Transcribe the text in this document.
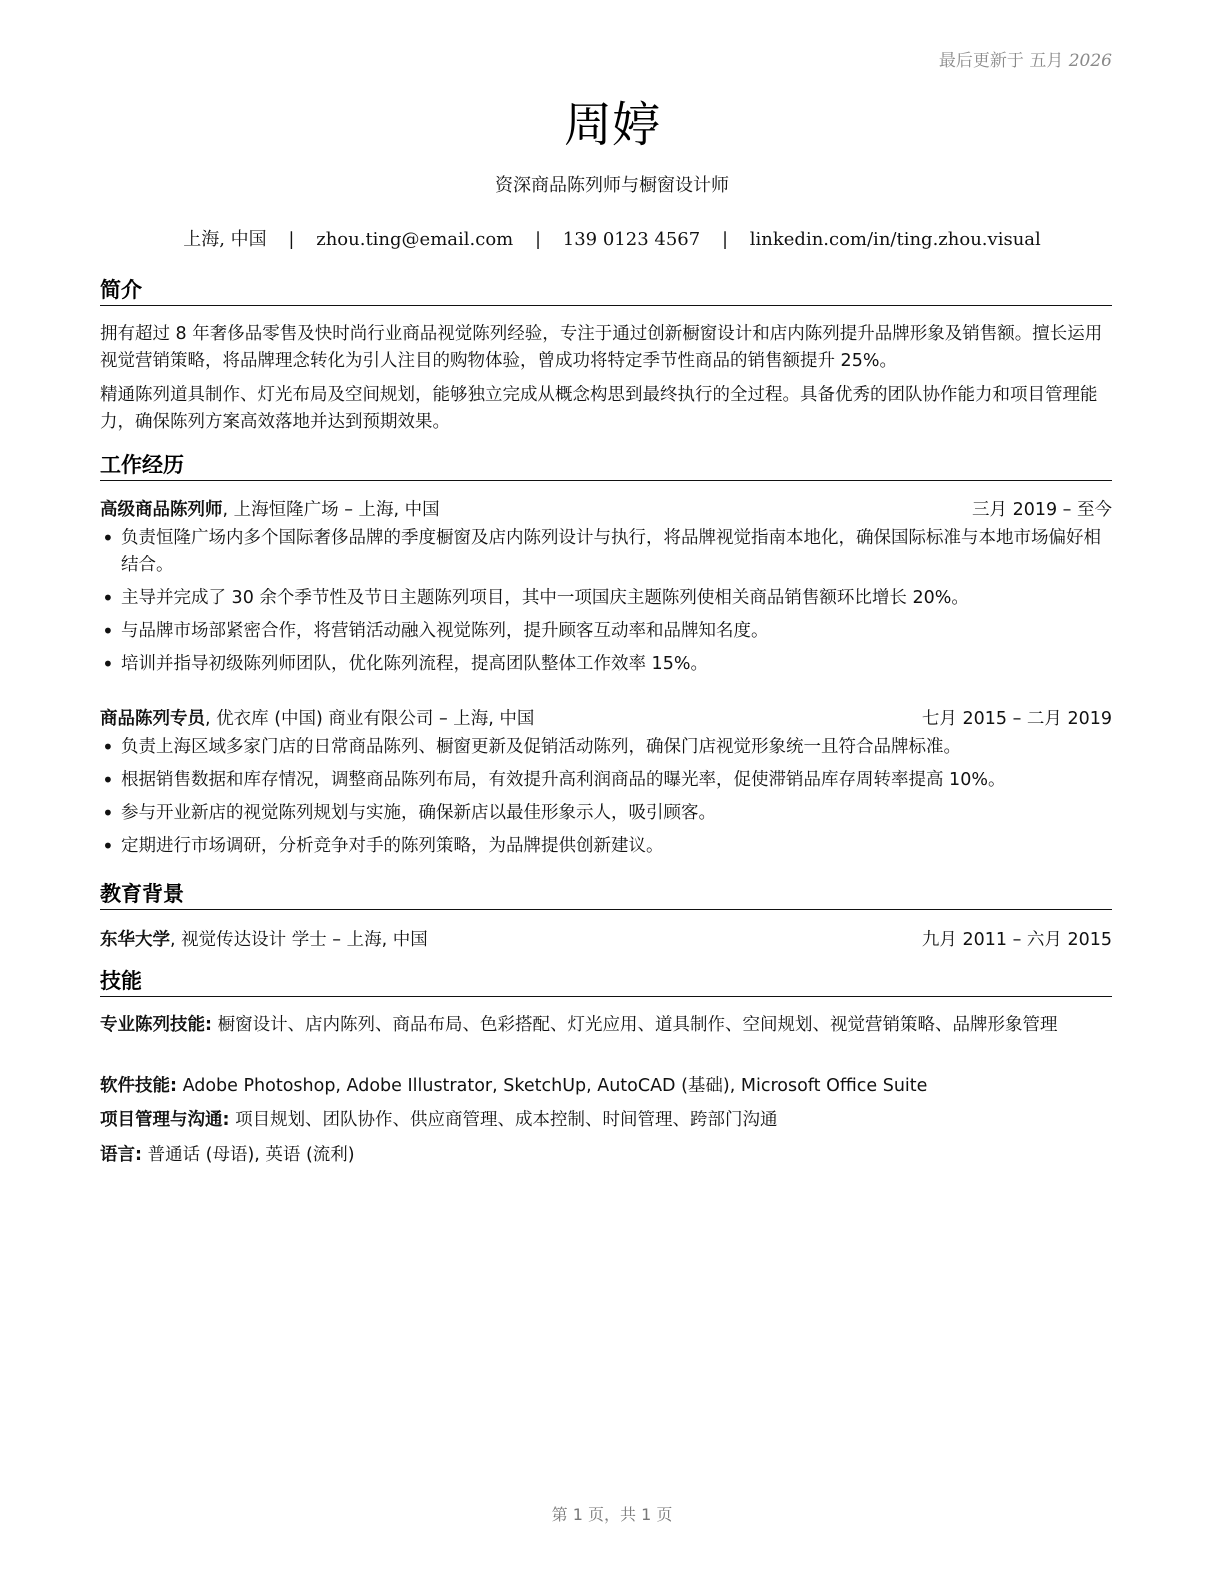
最后更新于 五月 2026
周婷
资深商品陈列师与橱窗设计师
上海, 中国 | zhou.ting@email.com | 139 0123 4567 | linkedin.com/in/ting.zhou.visual
简介

拥有超过 8 年奢侈品零售及快时尚行业商品视觉陈列经验，专注于通过创新橱窗设计和店内陈列提升品牌形象及销售额。擅长运用视觉营销策略，将品牌理念转化为引人注目的购物体验，曾成功将特定季节性商品的销售额提升 25%。

精通陈列道具制作、灯光布局及空间规划，能够独立完成从概念构思到最终执行的全过程。具备优秀的团队协作能力和项目管理能力，确保陈列方案高效落地并达到预期效果。

工作经历
高级商品陈列师, 上海恒隆广场 – 上海, 中国	三月 2019 – 至今
• 负责恒隆广场内多个国际奢侈品牌的季度橱窗及店内陈列设计与执行，将品牌视觉指南本地化，确保国际标准与本地市场偏好相结合。
• 主导并完成了 30 余个季节性及节日主题陈列项目，其中一项国庆主题陈列使相关商品销售额环比增长 20%。
• 与品牌市场部紧密合作，将营销活动融入视觉陈列，提升顾客互动率和品牌知名度。
• 培训并指导初级陈列师团队，优化陈列流程，提高团队整体工作效率 15%。
商品陈列专员, 优衣库 (中国) 商业有限公司 – 上海, 中国	七月 2015 – 二月 2019
• 负责上海区域多家门店的日常商品陈列、橱窗更新及促销活动陈列，确保门店视觉形象统一且符合品牌标准。
• 根据销售数据和库存情况，调整商品陈列布局，有效提升高利润商品的曝光率，促使滞销品库存周转率提高 10%。
• 参与开业新店的视觉陈列规划与实施，确保新店以最佳形象示人，吸引顾客。
• 定期进行市场调研，分析竞争对手的陈列策略，为品牌提供创新建议。
教育背景
东华大学, 视觉传达设计 学士 – 上海, 中国	九月 2011 – 六月 2015
技能

专业陈列技能: 橱窗设计、店内陈列、商品布局、色彩搭配、灯光应用、道具制作、空间规划、视觉营销策略、品牌形象管理

软件技能: Adobe Photoshop, Adobe Illustrator, SketchUp, AutoCAD (基础), Microsoft Office Suite

项目管理与沟通: 项目规划、团队协作、供应商管理、成本控制、时间管理、跨部门沟通

语言: 普通话 (母语), 英语 (流利)

第 1 页，共 1 页
